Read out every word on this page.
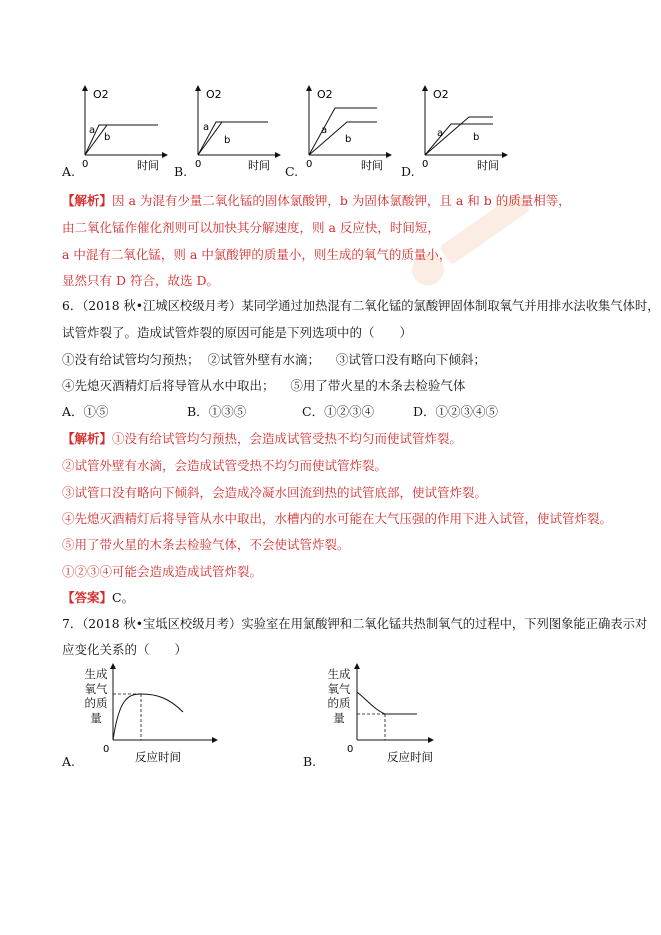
O2
a
b
0	时间
O2
a
b
0	时间
O2
a
b
0	时间
O2
a	b
0	时间
A.	B.	C.	D.
【解析】因 a 为混有少量二氧化锰的固体氯酸钾，b 为固体氯酸钾，且 a 和 b 的质量相等，
由二氧化锰作催化剂则可以加快其分解速度，则 a 反应快，时间短，
a 中混有二氧化锰，则 a 中氯酸钾的质量小，则生成的氧气的质量小，
显然只有 D 符合，故选 D。
6．（2018 秋•江城区校级月考）某同学通过加热混有二氧化锰的氯酸钾固体制取氧气并用排水法收集气体时，
试管炸裂了。造成试管炸裂的原因可能是下列选项中的（　　）
①没有给试管均匀预热；  ②试管外壁有水滴；    ③试管口没有略向下倾斜；
④先熄灭酒精灯后将导管从水中取出；    ⑤用了带火星的木条去检验气体
A．①⑤	B．①③⑤	C．①②③④	D．①②③④⑤
【解析】①没有给试管均匀预热，会造成试管受热不均匀而使试管炸裂。
②试管外壁有水滴，会造成试管受热不均匀而使试管炸裂。
③试管口没有略向下倾斜，会造成冷凝水回流到热的试管底部，使试管炸裂。
④先熄灭酒精灯后将导管从水中取出，水槽内的水可能在大气压强的作用下进入试管，使试管炸裂。
⑤用了带火星的木条去检验气体，不会使试管炸裂。
①②③④可能会造成造成试管炸裂。
【答案】C。
7．（2018 秋•宝坻区校级月考）实验室在用氯酸钾和二氧化锰共热制氧气的过程中，下列图象能正确表示对
应变化关系的（　　）
0
反应时间
0
反应时间
生成
氧气
的质
量
生成
氧气
的质
量
A.	B.
